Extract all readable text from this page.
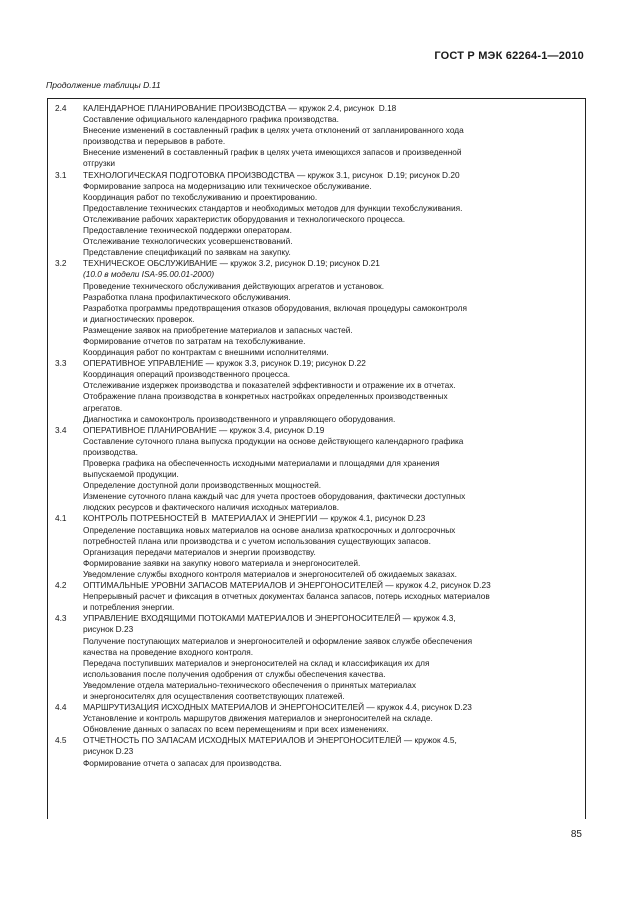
ГОСТ Р МЭК 62264-1—2010
Продолжение таблицы D.11
2.4	КАЛЕНДАРНОЕ ПЛАНИРОВАНИЕ ПРОИЗВОДСТВА — кружок 2.4, рисунок  D.18
Составление официального календарного графика производства.
Внесение изменений в составленный график в целях учета отклонений от запланированного хода
производства и перерывов в работе.
Внесение изменений в составленный график в целях учета имеющихся запасов и произведенной
отгрузки
3.1	ТЕХНОЛОГИЧЕСКАЯ ПОДГОТОВКА ПРОИЗВОДСТВА — кружок 3.1, рисунок  D.19; рисунок D.20
Формирование запроса на модернизацию или техническое обслуживание.
Координация работ по техобслуживанию и проектированию.
Предоставление технических стандартов и необходимых методов для функции техобслуживания.
Отслеживание рабочих характеристик оборудования и технологического процесса.
Предоставление технической поддержки операторам.
Отслеживание технологических усовершенствований.
Представление спецификаций по заявкам на закупку.
3.2	ТЕХНИЧЕСКОЕ ОБСЛУЖИВАНИЕ — кружок 3.2, рисунок D.19; рисунок D.21
(10.0 в модели ISA-95.00.01-2000)
Проведение технического обслуживания действующих агрегатов и установок.
Разработка плана профилактического обслуживания.
Разработка программы предотвращения отказов оборудования, включая процедуры самоконтроля
и диагностических проверок.
Размещение заявок на приобретение материалов и запасных частей.
Формирование отчетов по затратам на техобслуживание.
Координация работ по контрактам с внешними исполнителями.
3.3	ОПЕРАТИВНОЕ УПРАВЛЕНИЕ — кружок 3.3, рисунок D.19; рисунок D.22
Координация операций производственного процесса.
Отслеживание издержек производства и показателей эффективности и отражение их в отчетах.
Отображение плана производства в конкретных настройках определенных производственных
агрегатов.
Диагностика и самоконтроль производственного и управляющего оборудования.
3.4	ОПЕРАТИВНОЕ ПЛАНИРОВАНИЕ — кружок 3.4, рисунок D.19
Составление суточного плана выпуска продукции на основе действующего календарного графика
производства.
Проверка графика на обеспеченность исходными материалами и площадями для хранения
выпускаемой продукции.
Определение доступной доли производственных мощностей.
Изменение суточного плана каждый час для учета простоев оборудования, фактически доступных
людских ресурсов и фактического наличия исходных материалов.
4.1	КОНТРОЛЬ ПОТРЕБНОСТЕЙ В  МАТЕРИАЛАХ И ЭНЕРГИИ — кружок 4.1, рисунок D.23
Определение поставщика новых материалов на основе анализа краткосрочных и долгосрочных
потребностей плана или производства и с учетом использования существующих запасов.
Организация передачи материалов и энергии производству.
Формирование заявки на закупку нового материала и энергоносителей.
Уведомление службы входного контроля материалов и энергоносителей об ожидаемых заказах.
4.2	ОПТИМАЛЬНЫЕ УРОВНИ ЗАПАСОВ МАТЕРИАЛОВ И ЭНЕРГОНОСИТЕЛЕЙ — кружок 4.2, рисунок D.23
Непрерывный расчет и фиксация в отчетных документах баланса запасов, потерь исходных материалов
и потребления энергии.
4.3	УПРАВЛЕНИЕ ВХОДЯЩИМИ ПОТОКАМИ МАТЕРИАЛОВ И ЭНЕРГОНОСИТЕЛЕЙ — кружок 4.3,
рисунок D.23
Получение поступающих материалов и энергоносителей и оформление заявок службе обеспечения
качества на проведение входного контроля.
Передача поступивших материалов и энергоносителей на склад и классификация их для
использования после получения одобрения от службы обеспечения качества.
Уведомление отдела материально-технического обеспечения о принятых материалах
и энергоносителях для осуществления соответствующих платежей.
4.4	МАРШРУТИЗАЦИЯ ИСХОДНЫХ МАТЕРИАЛОВ И ЭНЕРГОНОСИТЕЛЕЙ — кружок 4.4, рисунок D.23
Установление и контроль маршрутов движения материалов и энергоносителей на складе.
Обновление данных о запасах по всем перемещениям и при всех изменениях.
4.5	ОТЧЕТНОСТЬ ПО ЗАПАСАМ ИСХОДНЫХ МАТЕРИАЛОВ И ЭНЕРГОНОСИТЕЛЕЙ — кружок 4.5,
рисунок D.23
Формирование отчета о запасах для производства.
85
